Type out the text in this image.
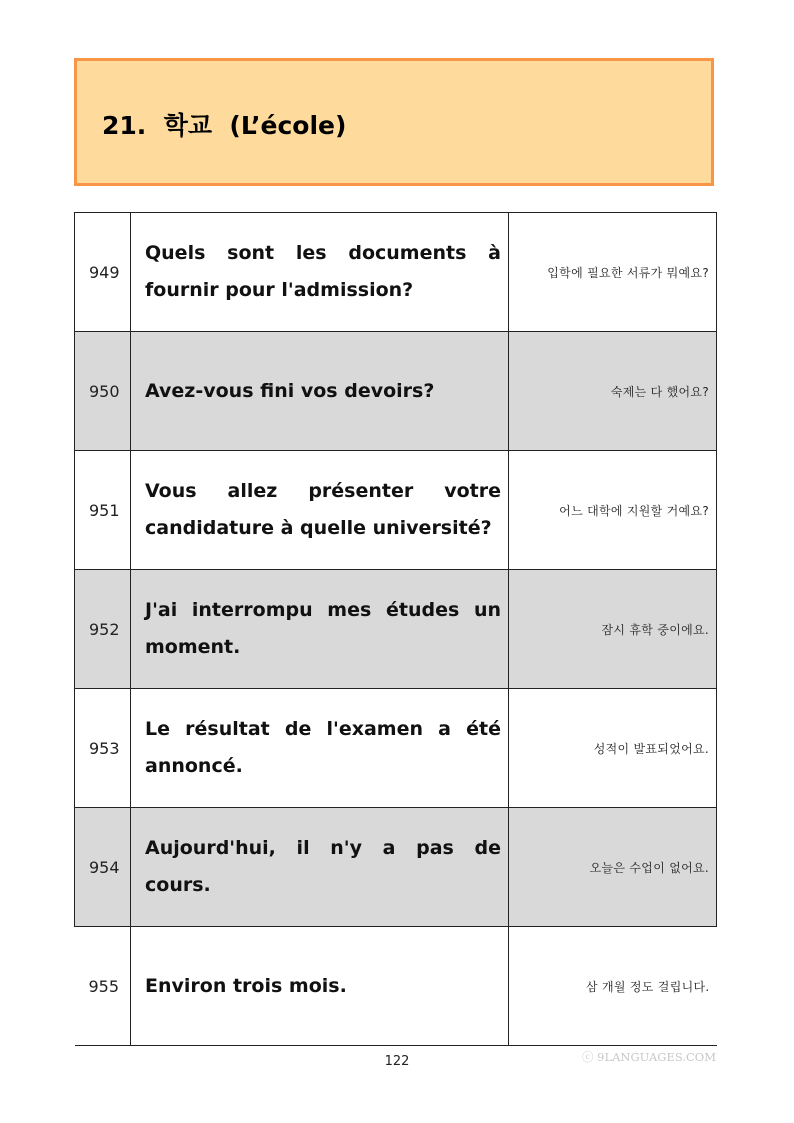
21.  학교  (L’école)
949	Quels sont les documents à fournir pour l'admission?	입학에 필요한 서류가 뭐예요?
950	Avez-vous fini vos devoirs?	숙제는 다 했어요?
951	Vous allez présenter votre candidature à quelle université?	어느 대학에 지원할 거예요?
952	J'ai interrompu mes études un moment.	잠시 휴학 중이에요.
953	Le résultat de l'examen a été annoncé.	성적이 발표되었어요.
954	Aujourd'hui, il n'y a pas de cours.	오늘은 수업이 없어요.
955	Environ trois mois.	삼 개월 정도 걸립니다.
122	ⓒ 9LANGUAGES.COM
